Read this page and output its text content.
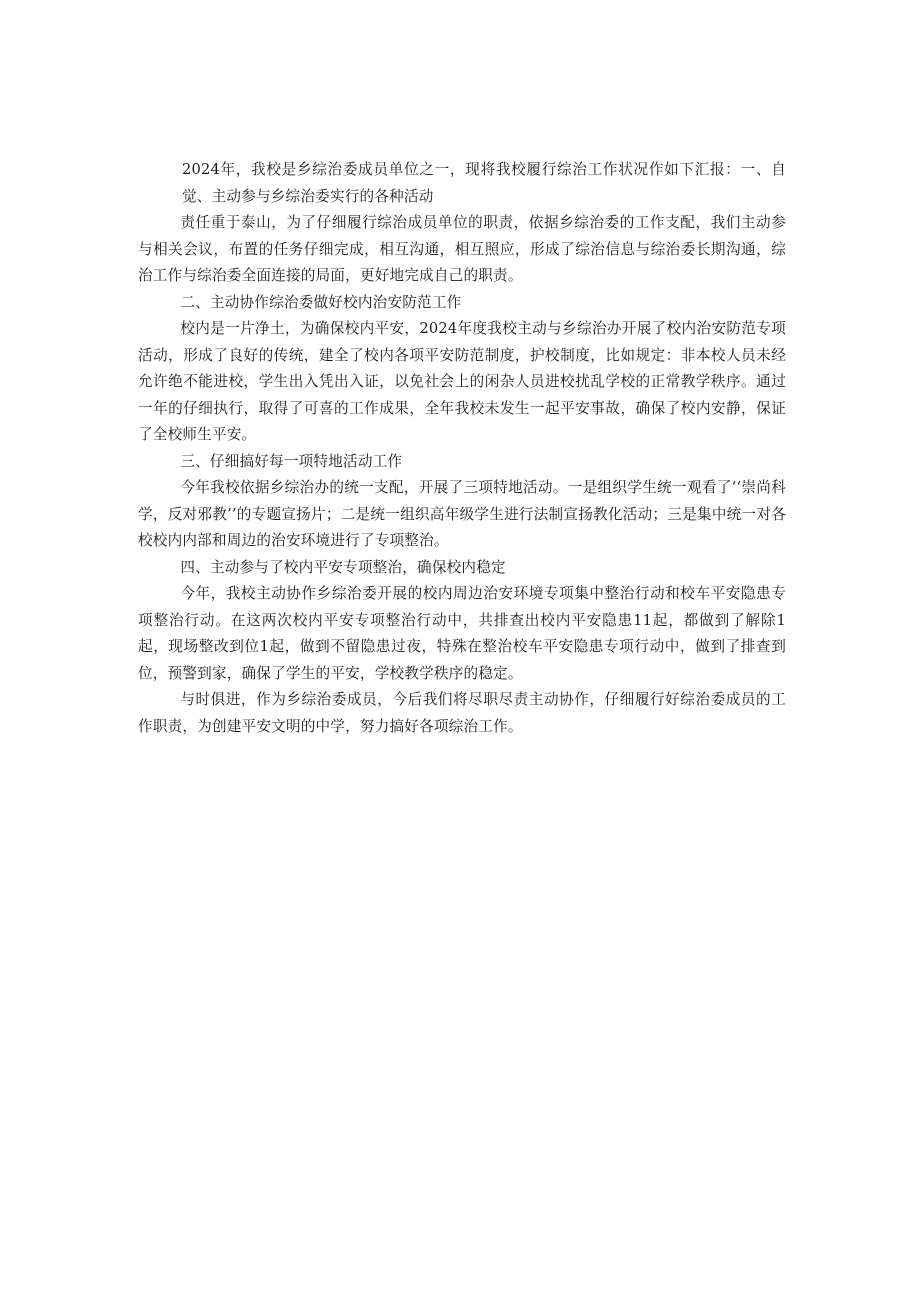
2024年，我校是乡综治委成员单位之一，现将我校履行综治工作状况作如下汇报：一、自觉、主动参与乡综治委实行的各种活动

责任重于泰山，为了仔细履行综治成员单位的职责，依据乡综治委的工作支配，我们主动参与相关会议，布置的任务仔细完成，相互沟通，相互照应，形成了综治信息与综治委长期沟通，综治工作与综治委全面连接的局面，更好地完成自己的职责。

二、主动协作综治委做好校内治安防范工作

校内是一片净土，为确保校内平安，2024年度我校主动与乡综治办开展了校内治安防范专项活动，形成了良好的传统，建全了校内各项平安防范制度，护校制度，比如规定：非本校人员未经允许绝不能进校，学生出入凭出入证，以免社会上的闲杂人员进校扰乱学校的正常教学秩序。通过一年的仔细执行，取得了可喜的工作成果，全年我校未发生一起平安事故，确保了校内安静，保证了全校师生平安。

三、仔细搞好每一项特地活动工作

今年我校依据乡综治办的统一支配，开展了三项特地活动。一是组织学生统一观看了‘‘崇尚科学，反对邪教’’的专题宣扬片；二是统一组织高年级学生进行法制宣扬教化活动；三是集中统一对各校校内内部和周边的治安环境进行了专项整治。

四、主动参与了校内平安专项整治，确保校内稳定

今年，我校主动协作乡综治委开展的校内周边治安环境专项集中整治行动和校车平安隐患专项整治行动。在这两次校内平安专项整治行动中，共排查出校内平安隐患11起，都做到了解除1起，现场整改到位1起，做到不留隐患过夜，特殊在整治校车平安隐患专项行动中，做到了排查到位，预警到家，确保了学生的平安，学校教学秩序的稳定。

与时俱进，作为乡综治委成员，今后我们将尽职尽责主动协作，仔细履行好综治委成员的工作职责，为创建平安文明的中学，努力搞好各项综治工作。
